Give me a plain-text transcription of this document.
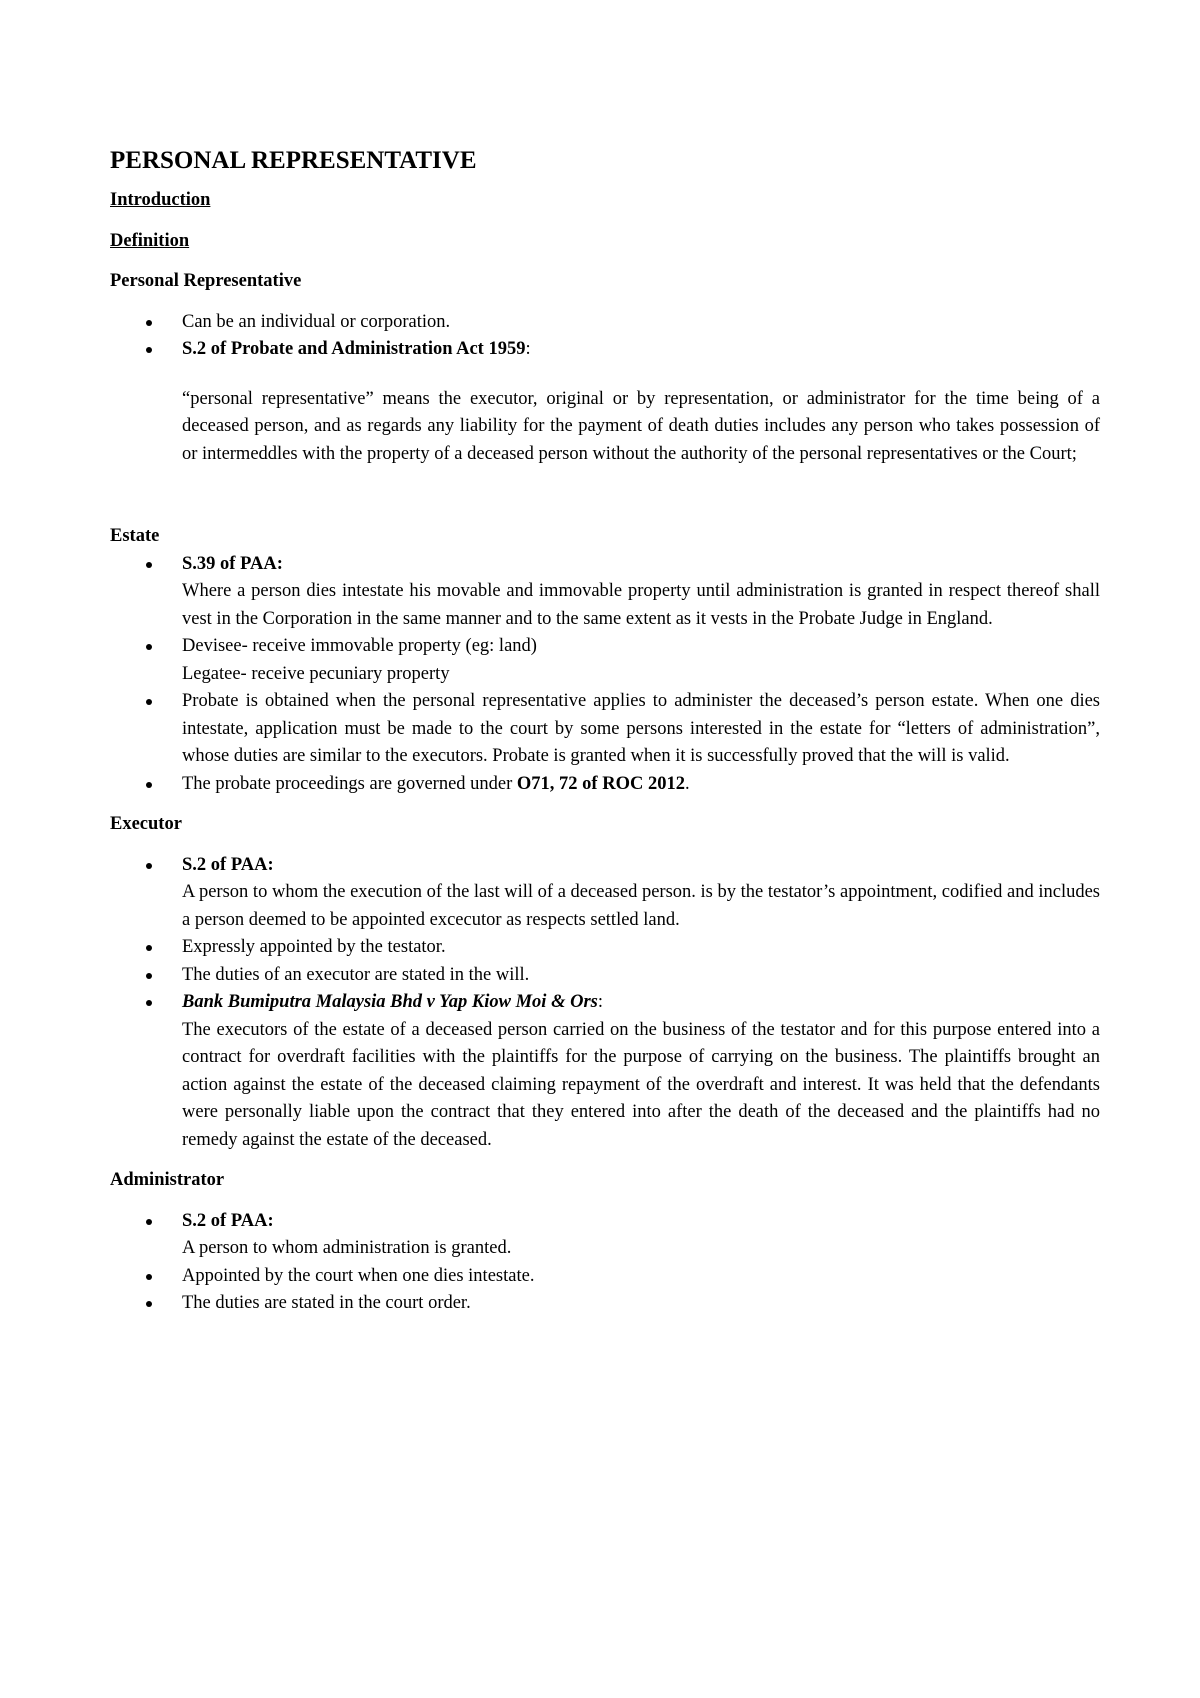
PERSONAL REPRESENTATIVE
Introduction
Definition
Personal Representative
Can be an individual or corporation.
S.2 of Probate and Administration Act 1959:
“personal representative” means the executor, original or by representation, or administrator for the time being of a deceased person, and as regards any liability for the payment of death duties includes any person who takes possession of or intermeddles with the property of a deceased person without the authority of the personal representatives or the Court;
Estate
S.39 of PAA:
Where a person dies intestate his movable and immovable property until administration is granted in respect thereof shall vest in the Corporation in the same manner and to the same extent as it vests in the Probate Judge in England.
Devisee- receive immovable property (eg: land)
Legatee- receive pecuniary property
Probate is obtained when the personal representative applies to administer the deceased’s person estate. When one dies intestate, application must be made to the court by some persons interested in the estate for “letters of administration”, whose duties are similar to the executors. Probate is granted when it is successfully proved that the will is valid.
The probate proceedings are governed under O71, 72 of ROC 2012.
Executor
S.2 of PAA:
A person to whom the execution of the last will of a deceased person. is by the testator’s appointment, codified and includes a person deemed to be appointed excecutor as respects settled land.
Expressly appointed by the testator.
The duties of an executor are stated in the will.
Bank Bumiputra Malaysia Bhd v Yap Kiow Moi & Ors:
The executors of the estate of a deceased person carried on the business of the testator and for this purpose entered into a contract for overdraft facilities with the plaintiffs for the purpose of carrying on the business. The plaintiffs brought an action against the estate of the deceased claiming repayment of the overdraft and interest. It was held that the defendants were personally liable upon the contract that they entered into after the death of the deceased and the plaintiffs had no remedy against the estate of the deceased.
Administrator
S.2 of PAA:
A person to whom administration is granted.
Appointed by the court when one dies intestate.
The duties are stated in the court order.
